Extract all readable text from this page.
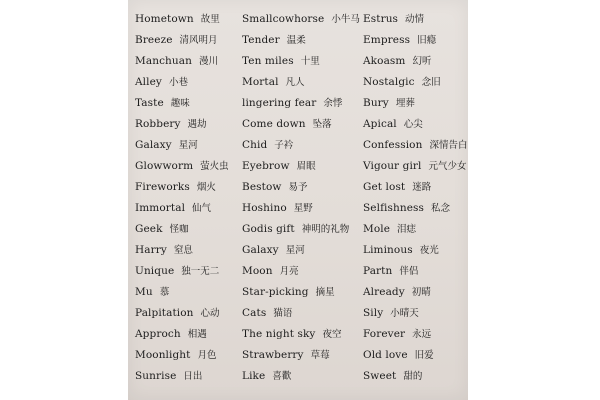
Hometown 故里
Breeze 清风明月
Manchuan 漫川
Alley 小巷
Taste 趣味
Robbery 遇劫
Galaxy 星河
Glowworm 萤火虫
Fireworks 烟火
Immortal 仙气
Geek 怪咖
Harry 窒息
Unique 独一无二
Mu 慕
Palpitation 心动
Approch 相遇
Moonlight 月色
Sunrise 日出
Smallcowhorse 小牛马
Tender 温柔
Ten miles 十里
Mortal 凡人
lingering fear 余悸
Come down 坠落
Chid 子衿
Eyebrow 眉眼
Bestow 易予
Hoshino 星野
Godis gift 神明的礼物
Galaxy 星河
Moon 月亮
Star-picking 摘星
Cats 猫语
The night sky 夜空
Strawberry 草莓
Like 喜歡
Estrus 动情
Empress 旧瘾
Akoasm 幻听
Nostalgic 念旧
Bury 埋葬
Apical 心尖
Confession 深情告白
Vigour girl 元气少女
Get lost 迷路
Selfishness 私念
Mole 泪痣
Liminous 夜光
Partn 伴侣
Already 初晴
Sily 小晴天
Forever 永远
Old love 旧爱
Sweet 甜的
